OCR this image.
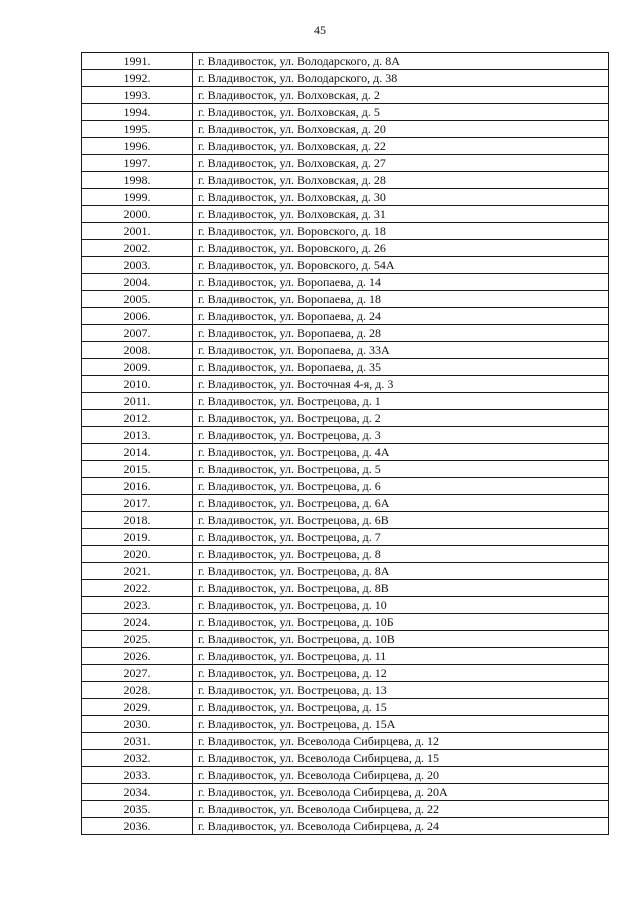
45
1991.	г. Владивосток, ул. Володарского, д. 8А
1992.	г. Владивосток, ул. Володарского, д. 38
1993.	г. Владивосток, ул. Волховская, д. 2
1994.	г. Владивосток, ул. Волховская, д. 5
1995.	г. Владивосток, ул. Волховская, д. 20
1996.	г. Владивосток, ул. Волховская, д. 22
1997.	г. Владивосток, ул. Волховская, д. 27
1998.	г. Владивосток, ул. Волховская, д. 28
1999.	г. Владивосток, ул. Волховская, д. 30
2000.	г. Владивосток, ул. Волховская, д. 31
2001.	г. Владивосток, ул. Воровского, д. 18
2002.	г. Владивосток, ул. Воровского, д. 26
2003.	г. Владивосток, ул. Воровского, д. 54А
2004.	г. Владивосток, ул. Воропаева, д. 14
2005.	г. Владивосток, ул. Воропаева, д. 18
2006.	г. Владивосток, ул. Воропаева, д. 24
2007.	г. Владивосток, ул. Воропаева, д. 28
2008.	г. Владивосток, ул. Воропаева, д. 33А
2009.	г. Владивосток, ул. Воропаева, д. 35
2010.	г. Владивосток, ул. Восточная 4-я, д. 3
2011.	г. Владивосток, ул. Вострецова, д. 1
2012.	г. Владивосток, ул. Вострецова, д. 2
2013.	г. Владивосток, ул. Вострецова, д. 3
2014.	г. Владивосток, ул. Вострецова, д. 4А
2015.	г. Владивосток, ул. Вострецова, д. 5
2016.	г. Владивосток, ул. Вострецова, д. 6
2017.	г. Владивосток, ул. Вострецова, д. 6А
2018.	г. Владивосток, ул. Вострецова, д. 6В
2019.	г. Владивосток, ул. Вострецова, д. 7
2020.	г. Владивосток, ул. Вострецова, д. 8
2021.	г. Владивосток, ул. Вострецова, д. 8А
2022.	г. Владивосток, ул. Вострецова, д. 8В
2023.	г. Владивосток, ул. Вострецова, д. 10
2024.	г. Владивосток, ул. Вострецова, д. 10Б
2025.	г. Владивосток, ул. Вострецова, д. 10В
2026.	г. Владивосток, ул. Вострецова, д. 11
2027.	г. Владивосток, ул. Вострецова, д. 12
2028.	г. Владивосток, ул. Вострецова, д. 13
2029.	г. Владивосток, ул. Вострецова, д. 15
2030.	г. Владивосток, ул. Вострецова, д. 15А
2031.	г. Владивосток, ул. Всеволода Сибирцева, д. 12
2032.	г. Владивосток, ул. Всеволода Сибирцева, д. 15
2033.	г. Владивосток, ул. Всеволода Сибирцева, д. 20
2034.	г. Владивосток, ул. Всеволода Сибирцева, д. 20А
2035.	г. Владивосток, ул. Всеволода Сибирцева, д. 22
2036.	г. Владивосток, ул. Всеволода Сибирцева, д. 24
